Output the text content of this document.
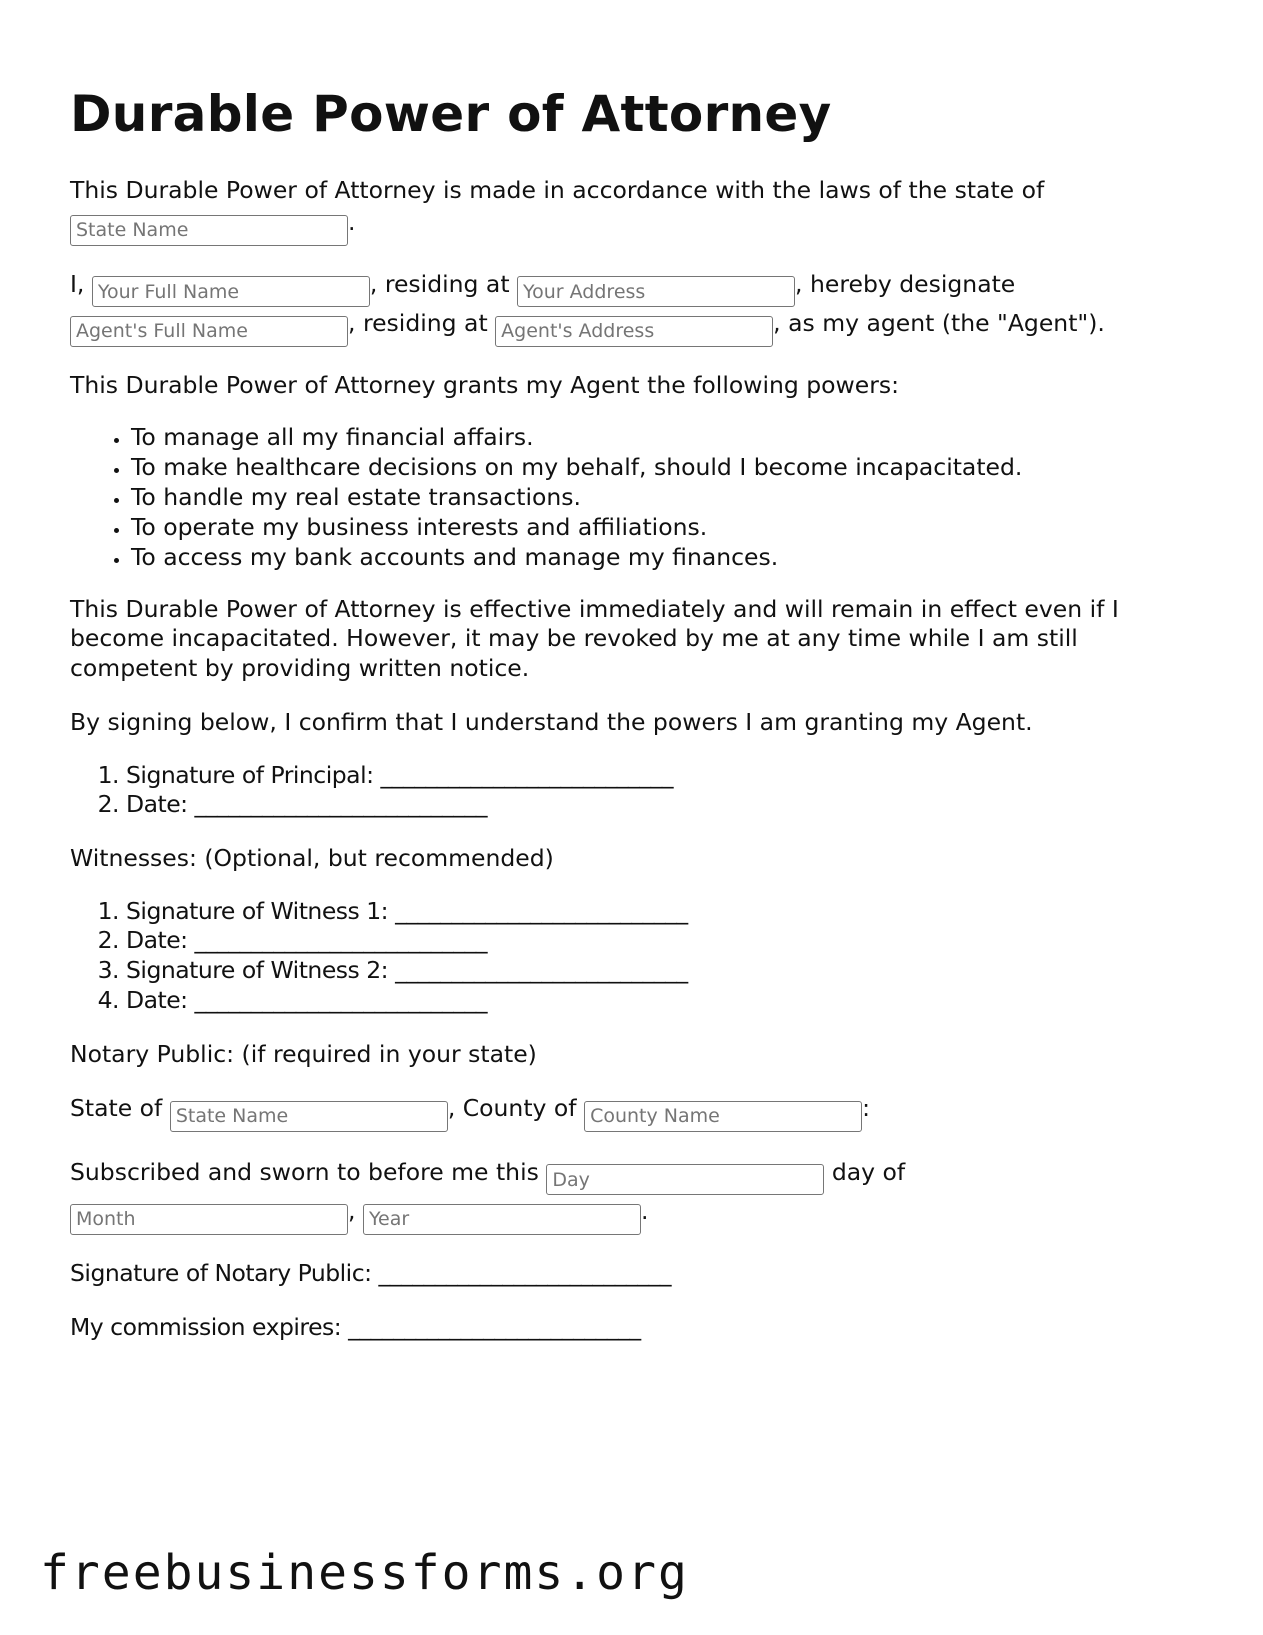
Durable Power of Attorney

This Durable Power of Attorney is made in accordance with the laws of the state of State Name.

I, Your Full Name	, residing at Your Address	, hereby designate
Agent's Full Name, residing at Agent's Address	, as my agent (the "Agent").

This Durable Power of Attorney grants my Agent the following powers:

• To manage all my financial affairs.
• To make healthcare decisions on my behalf, should I become incapacitated.
• To handle my real estate transactions.
• To operate my business interests and affiliations.
• To access my bank accounts and manage my finances.

This Durable Power of Attorney is effective immediately and will remain in effect even if I become incapacitated. However, it may be revoked by me at any time while I am still competent by providing written notice.

By signing below, I confirm that I understand the powers I am granting my Agent.

1. Signature of Principal: __________________________
2. Date: __________________________

Witnesses: (Optional, but recommended)

1. Signature of Witness 1: __________________________
2. Date: __________________________
3. Signature of Witness 2: __________________________
4. Date: __________________________

Notary Public: (if required in your state)

State of State Name	, County of County Name	:

Subscribed and sworn to before me this Day	day of
Month, Year	.

Signature of Notary Public: __________________________

My commission expires: __________________________

freebusinessforms.org
